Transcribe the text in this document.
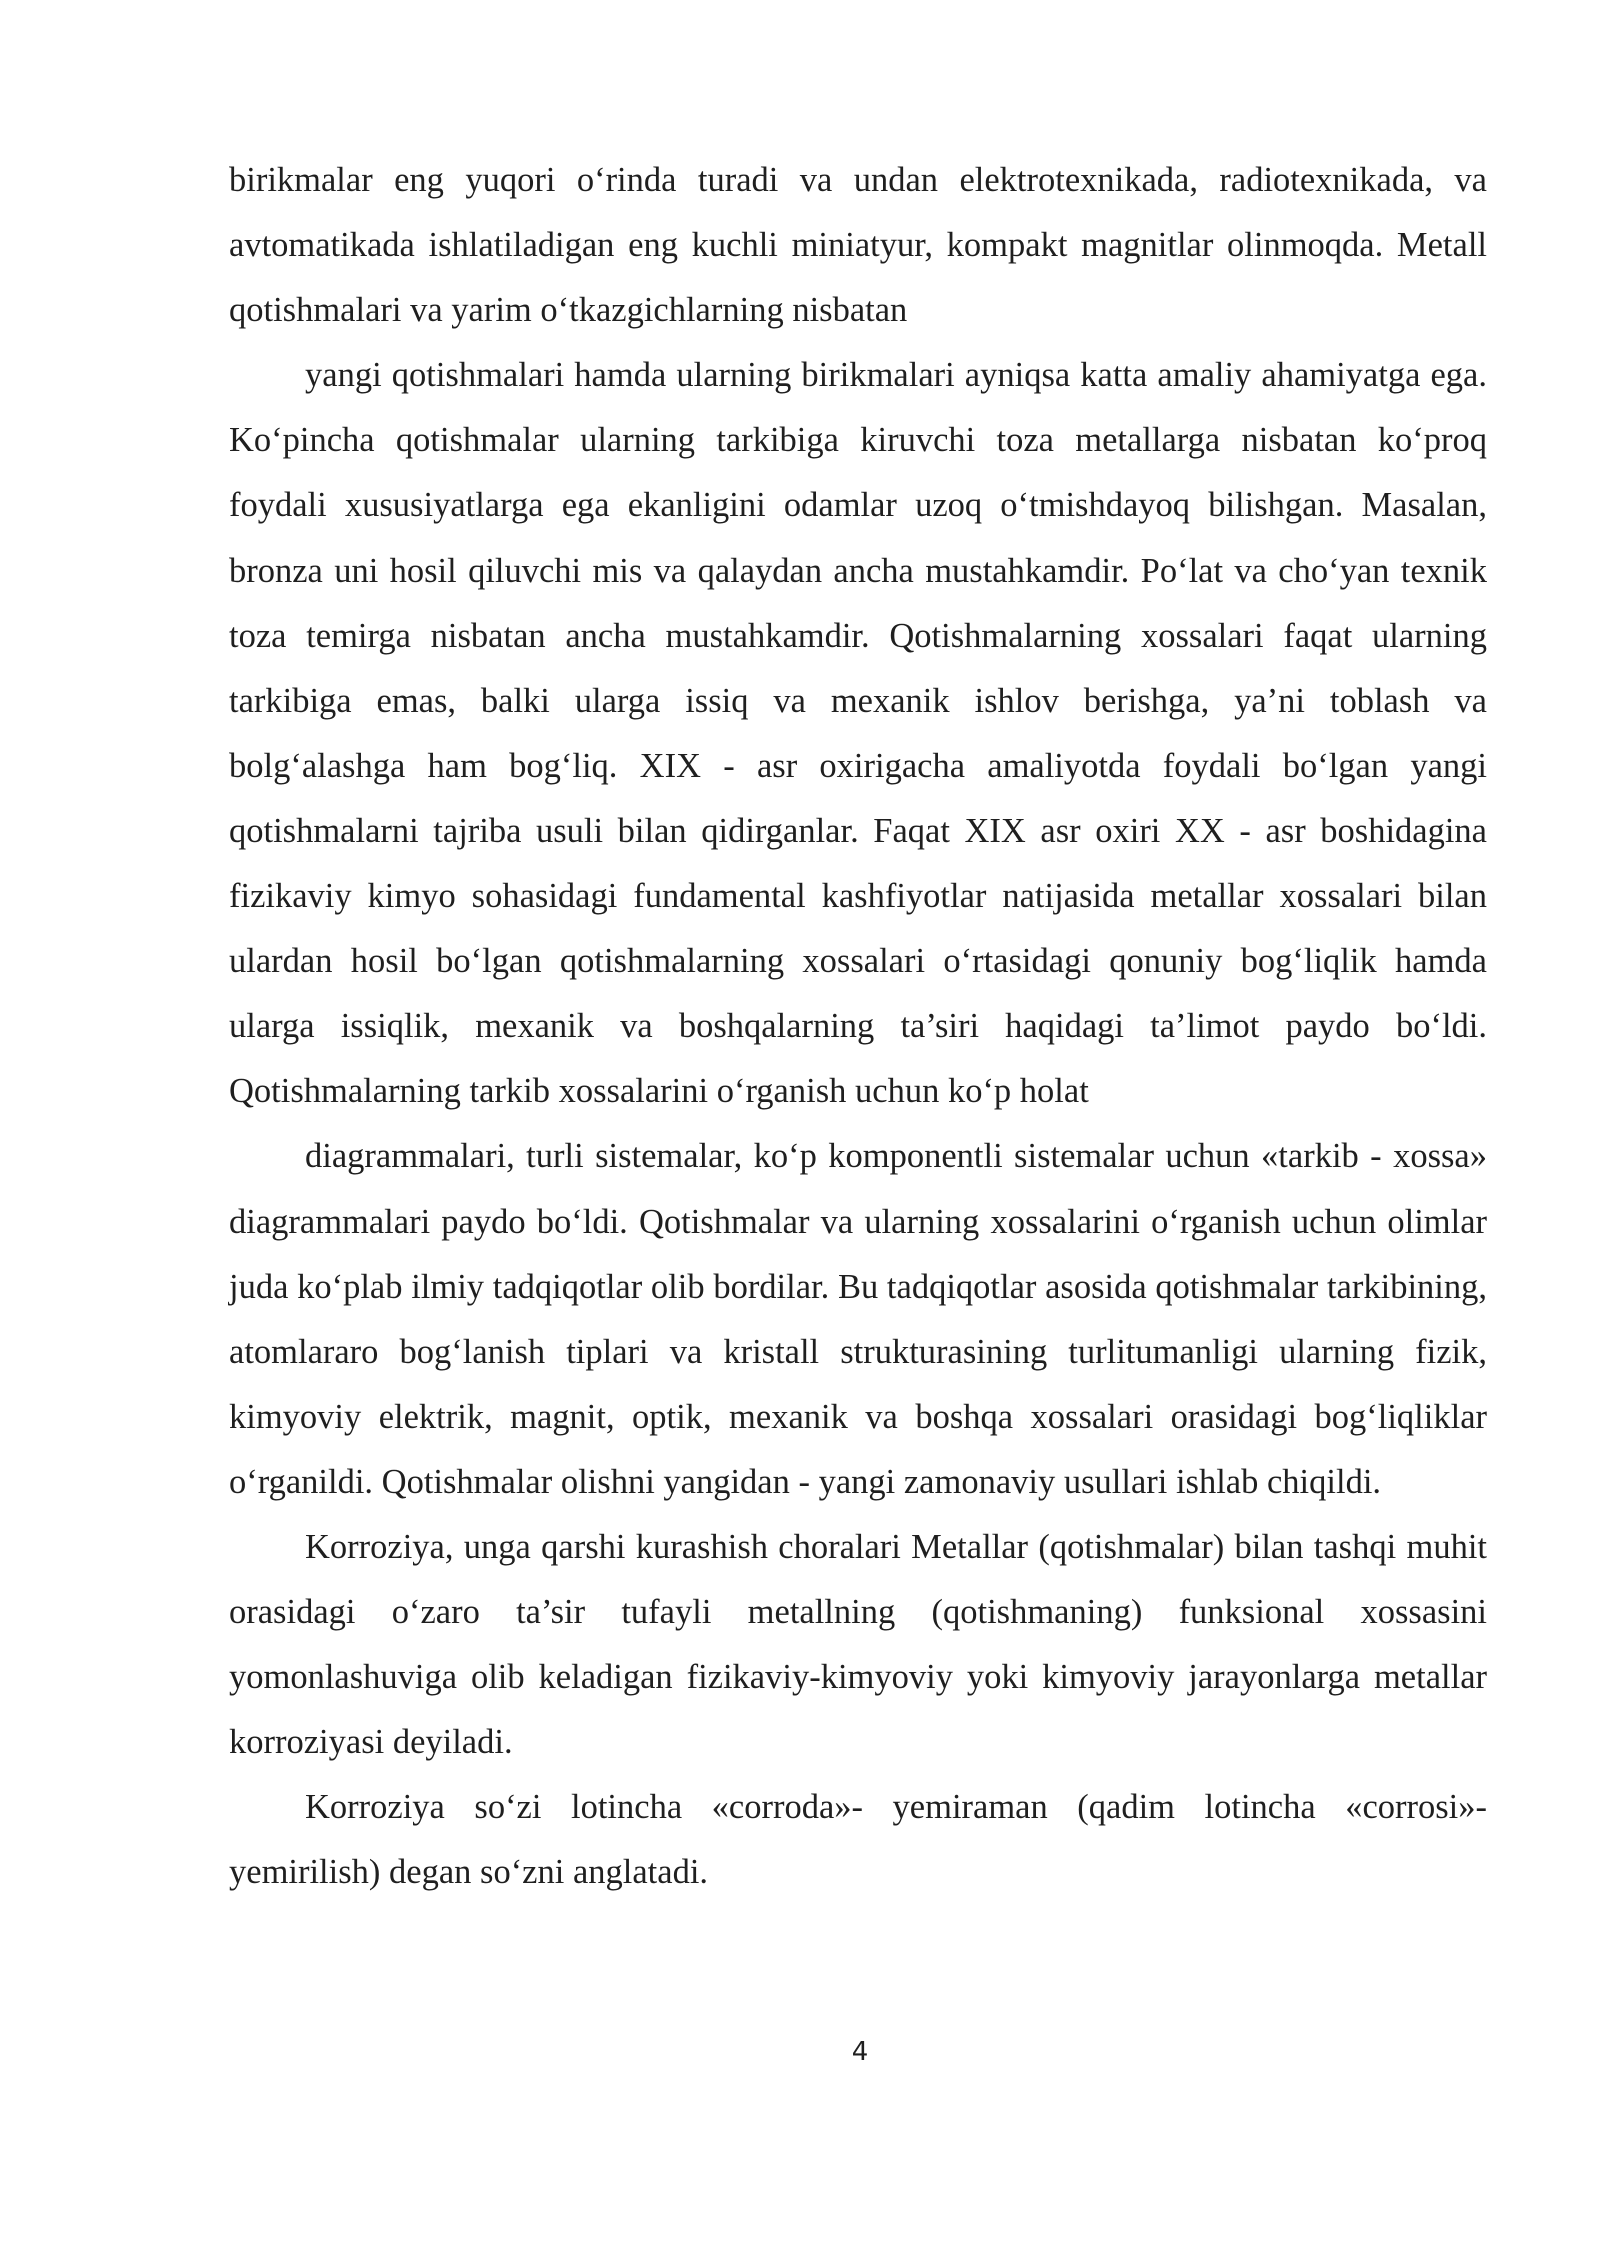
birikmalar eng yuqori o‘rinda turadi va undan elektrotexnikada, radiotexnikada, va avtomatikada ishlatiladigan eng kuchli miniatyur, kompakt magnitlar olinmoqda. Metall qotishmalari va yarim o‘tkazgichlarning nisbatan

yangi qotishmalari hamda ularning birikmalari ayniqsa katta amaliy ahamiyatga ega. Ko‘pincha qotishmalar ularning tarkibiga kiruvchi toza metallarga nisbatan ko‘proq foydali xususiyatlarga ega ekanligini odamlar uzoq o‘tmishdayoq bilishgan. Masalan, bronza uni hosil qiluvchi mis va qalaydan ancha mustahkamdir. Po‘lat va cho‘yan texnik toza temirga nisbatan ancha mustahkamdir. Qotishmalarning xossalari faqat ularning tarkibiga emas, balki ularga issiq va mexanik ishlov berishga, ya’ni toblash va bolg‘alashga ham bog‘liq. XIX - asr oxirigacha amaliyotda foydali bo‘lgan yangi qotishmalarni tajriba usuli bilan qidirganlar. Faqat XIX asr oxiri XX - asr boshidagina fizikaviy kimyo sohasidagi fundamental kashfiyotlar natijasida metallar xossalari bilan ulardan hosil bo‘lgan qotishmalarning xossalari o‘rtasidagi qonuniy bog‘liqlik hamda ularga issiqlik, mexanik va boshqalarning ta’siri haqidagi ta’limot paydo bo‘ldi. Qotishmalarning tarkib xossalarini o‘rganish uchun ko‘p holat

diagrammalari, turli sistemalar, ko‘p komponentli sistemalar uchun «tarkib - xossa» diagrammalari paydo bo‘ldi. Qotishmalar va ularning xossalarini o‘rganish uchun olimlar juda ko‘plab ilmiy tadqiqotlar olib bordilar. Bu tadqiqotlar asosida qotishmalar tarkibining, atomlararo bog‘lanish tiplari va kristall strukturasining turlitumanligi ularning fizik, kimyoviy elektrik, magnit, optik, mexanik va boshqa xossalari orasidagi bog‘liqliklar o‘rganildi. Qotishmalar olishni yangidan - yangi zamonaviy usullari ishlab chiqildi.

Korroziya, unga qarshi kurashish choralari Metallar (qotishmalar) bilan tashqi muhit orasidagi o‘zaro ta’sir tufayli metallning (qotishmaning) funksional xossasini yomonlashuviga olib keladigan fizikaviy-kimyoviy yoki kimyoviy jarayonlarga metallar korroziyasi deyiladi.

Korroziya so‘zi lotincha «corroda»- yemiraman (qadim lotincha «corrosi»- yemirilish) degan so‘zni anglatadi.

4
